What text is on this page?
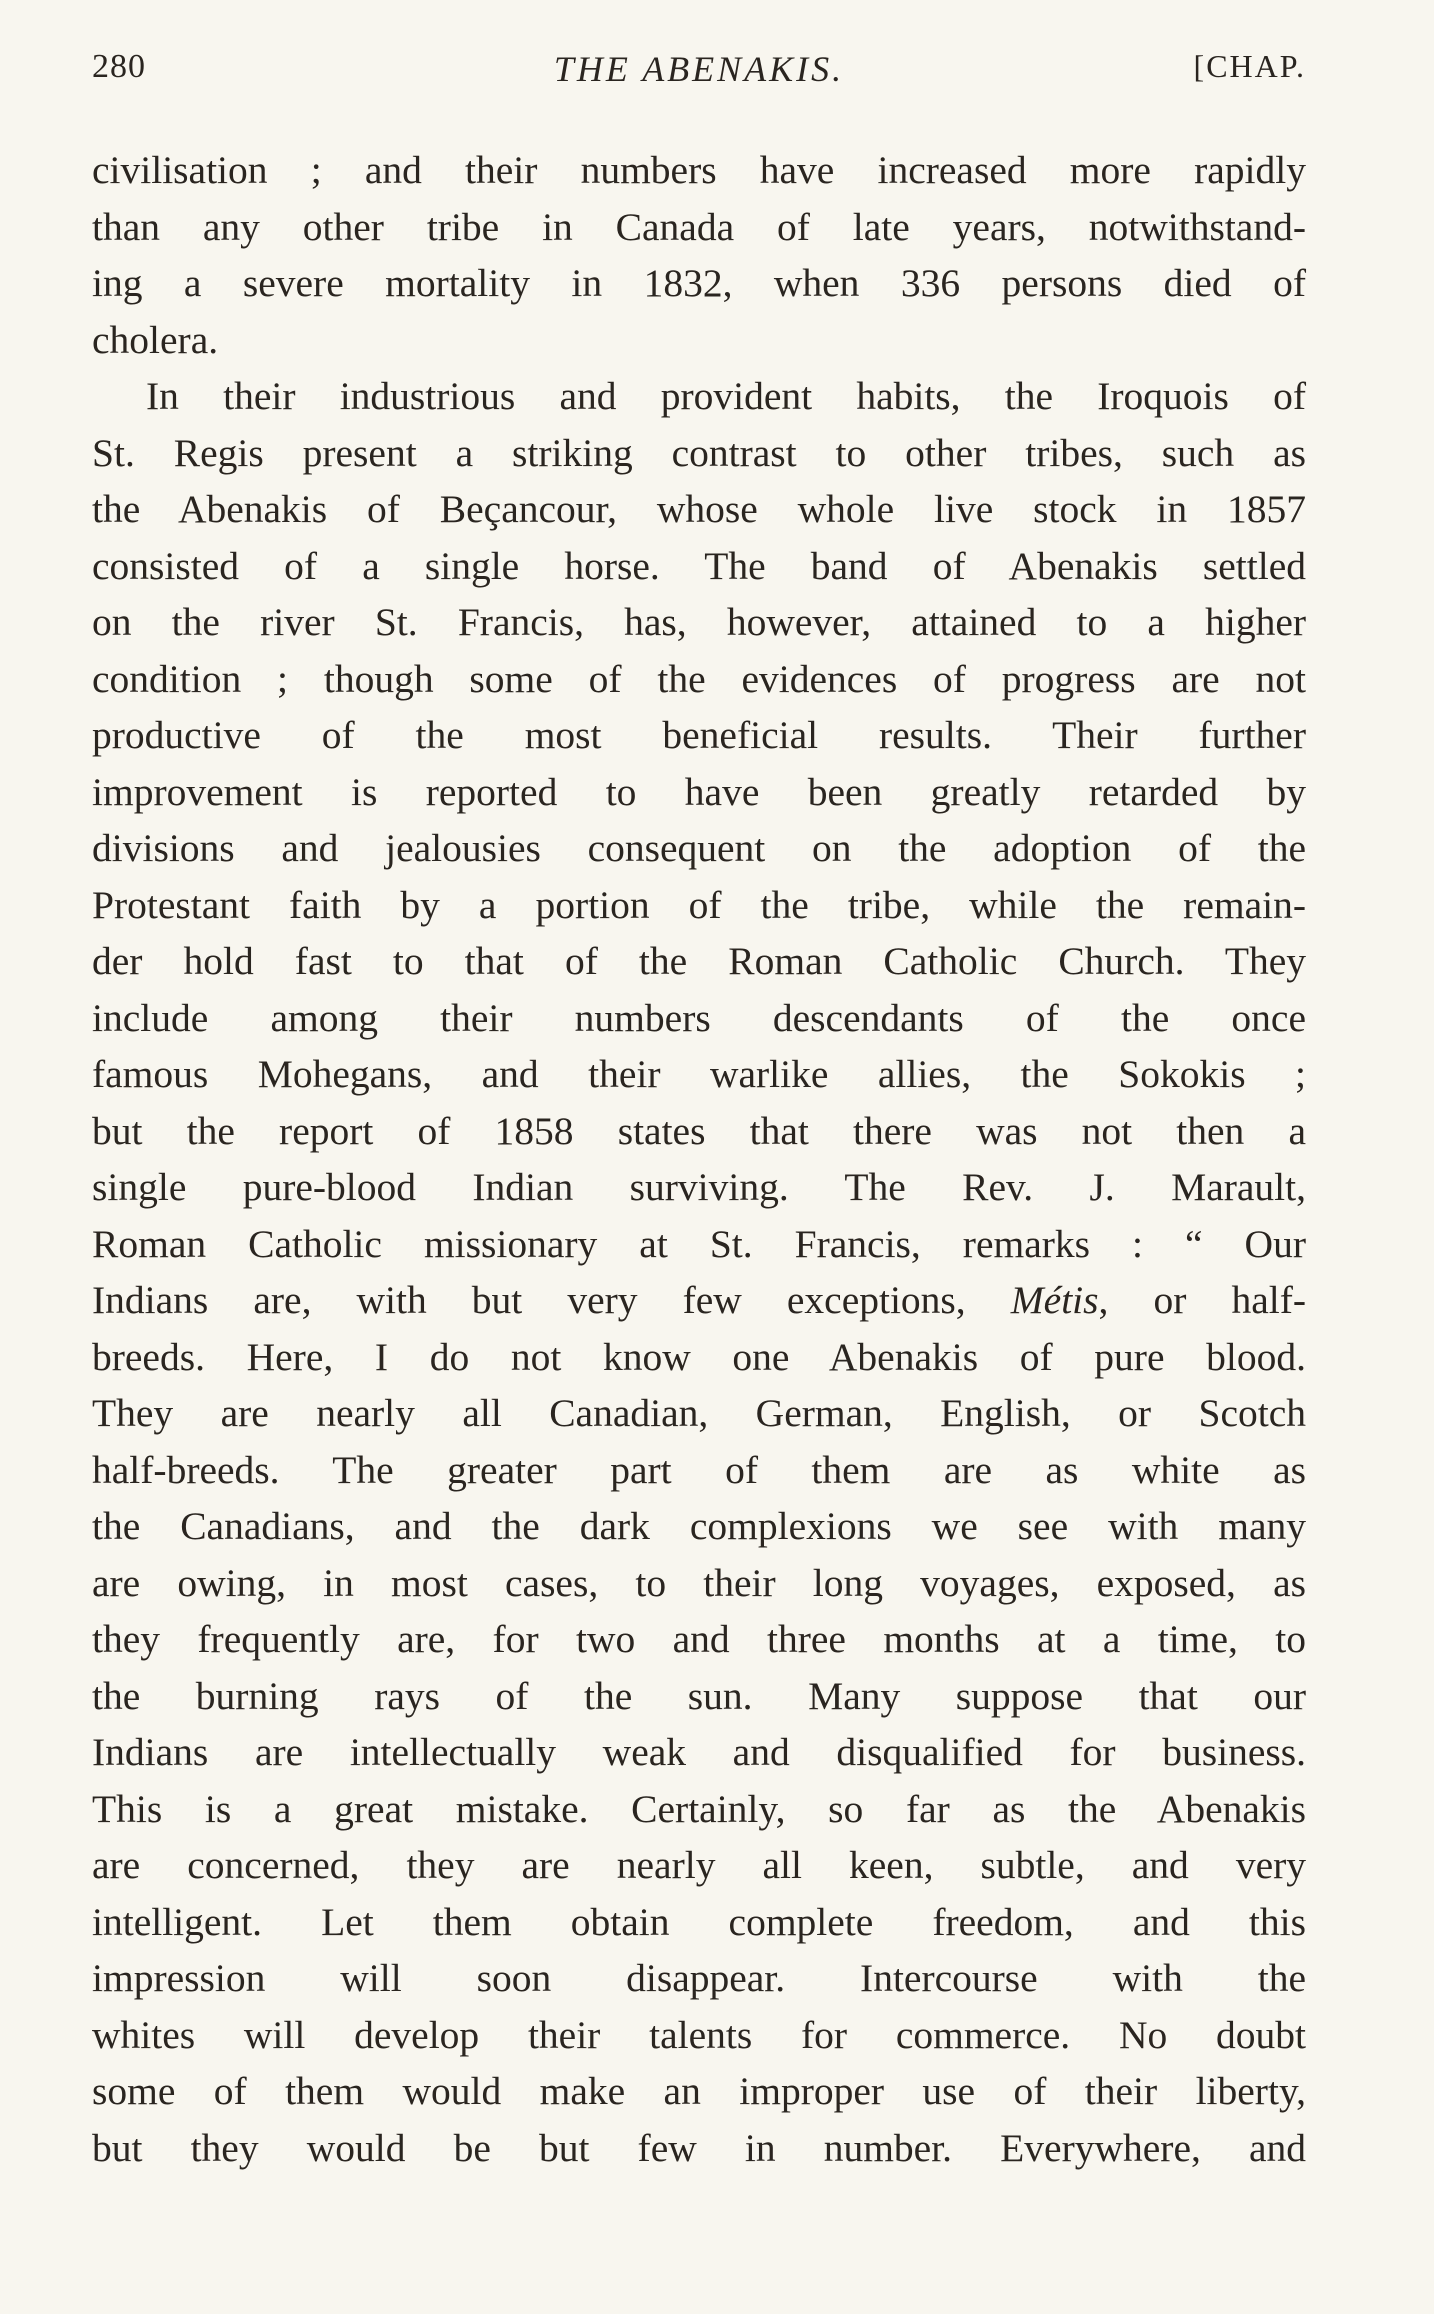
280	THE ABENAKIS.	[CHAP.
civilisation ; and their numbers have increased more rapidly
than any other tribe in Canada of late years, notwithstand-
ing a severe mortality in 1832, when 336 persons died of
cholera.
In their industrious and provident habits, the Iroquois of
St. Regis present a striking contrast to other tribes, such as
the Abenakis of Beçancour, whose whole live stock in 1857
consisted of a single horse. The band of Abenakis settled
on the river St. Francis, has, however, attained to a higher
condition ; though some of the evidences of progress are not
productive of the most beneficial results. Their further
improvement is reported to have been greatly retarded by
divisions and jealousies consequent on the adoption of the
Protestant faith by a portion of the tribe, while the remain-
der hold fast to that of the Roman Catholic Church. They
include among their numbers descendants of the once
famous Mohegans, and their warlike allies, the Sokokis ;
but the report of 1858 states that there was not then a
single pure-blood Indian surviving. The Rev. J. Marault,
Roman Catholic missionary at St. Francis, remarks : “ Our
Indians are, with but very few exceptions, Métis, or half-
breeds. Here, I do not know one Abenakis of pure blood.
They are nearly all Canadian, German, English, or Scotch
half-breeds. The greater part of them are as white as
the Canadians, and the dark complexions we see with many
are owing, in most cases, to their long voyages, exposed, as
they frequently are, for two and three months at a time, to
the burning rays of the sun. Many suppose that our
Indians are intellectually weak and disqualified for business.
This is a great mistake. Certainly, so far as the Abenakis
are concerned, they are nearly all keen, subtle, and very
intelligent. Let them obtain complete freedom, and this
impression will soon disappear. Intercourse with the
whites will develop their talents for commerce. No doubt
some of them would make an improper use of their liberty,
but they would be but few in number. Everywhere, and
